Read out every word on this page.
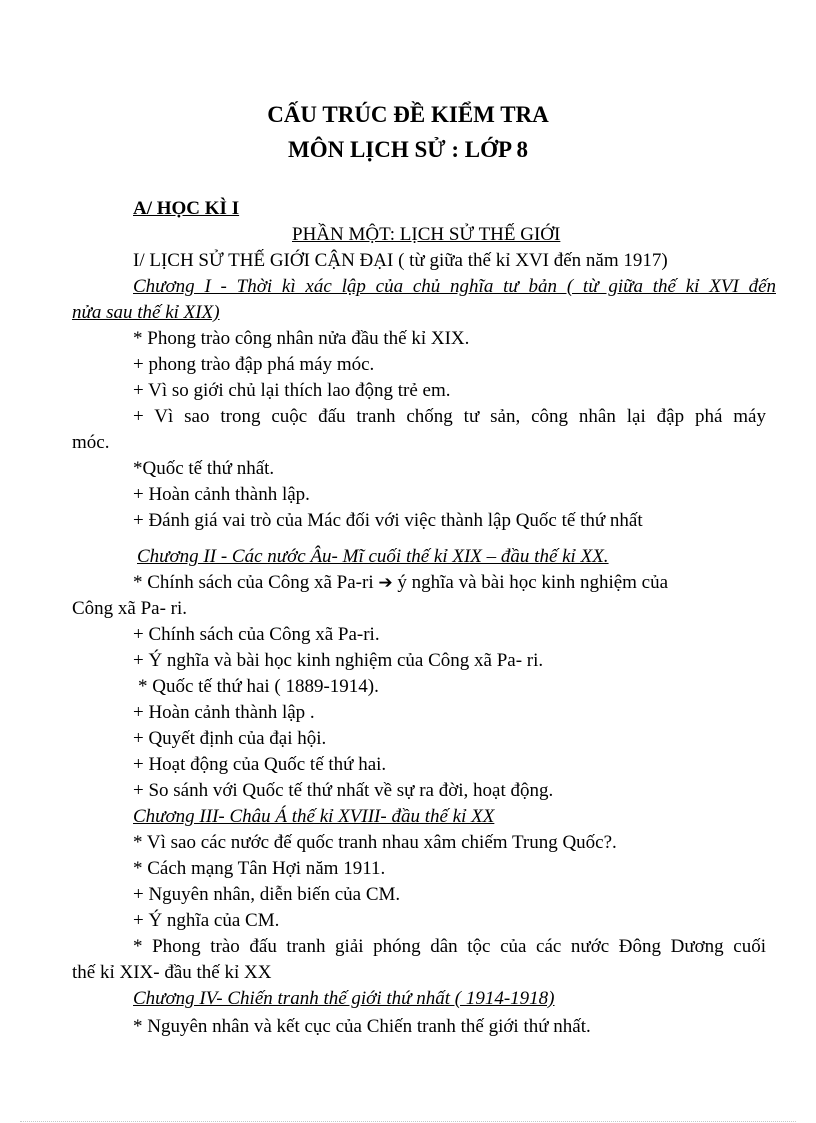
CẤU TRÚC ĐỀ KIỂM TRA
MÔN LỊCH SỬ : LỚP 8
A/ HỌC KÌ I
PHẦN MỘT: LỊCH SỬ THẾ GIỚI
I/ LỊCH SỬ THẾ GIỚI CẬN ĐẠI ( từ giữa thế kỉ XVI đến năm 1917)
Chương I - Thời kì xác lập của chủ nghĩa tư bản ( từ giữa thế kỉ XVI đến
nửa sau thế kỉ XIX)
* Phong trào công nhân nửa đầu thế kỉ XIX.
+ phong trào đập phá máy móc.
+ Vì so giới chủ lại thích lao động trẻ em.
+ Vì sao trong cuộc đấu tranh chống tư sản, công nhân lại đập phá máy
móc.
*Quốc tế thứ nhất.
+ Hoàn cảnh thành lập.
+ Đánh giá vai trò của Mác đối với việc thành lập Quốc tế thứ nhất
Chương II - Các nước Âu- Mĩ cuối thế kỉ XIX – đầu thế kỉ XX.
* Chính sách của Công xã Pa-ri ➔ ý nghĩa và bài học kinh nghiệm của
Công xã Pa- ri.
+ Chính sách của Công xã Pa-ri.
+ Ý nghĩa và bài học kinh nghiệm của Công xã Pa- ri.
* Quốc tế thứ hai ( 1889-1914).
+ Hoàn cảnh thành lập .
+ Quyết định của đại hội.
+ Hoạt động của Quốc tế thứ hai.
+ So sánh với Quốc tế thứ nhất về sự ra đời, hoạt động.
Chương III- Châu Á thế kỉ XVIII- đầu thế kỉ XX
* Vì sao các nước đế quốc tranh nhau xâm chiếm Trung Quốc?.
* Cách mạng Tân Hợi năm 1911.
+ Nguyên nhân, diễn biến của CM.
+ Ý nghĩa của CM.
* Phong trào đấu tranh giải phóng dân tộc của các nước Đông Dương cuối
thế kỉ XIX- đầu thế kỉ XX
Chương IV- Chiến tranh thế giới thứ nhất ( 1914-1918)
* Nguyên nhân và kết cục của Chiến tranh thế giới thứ nhất.
